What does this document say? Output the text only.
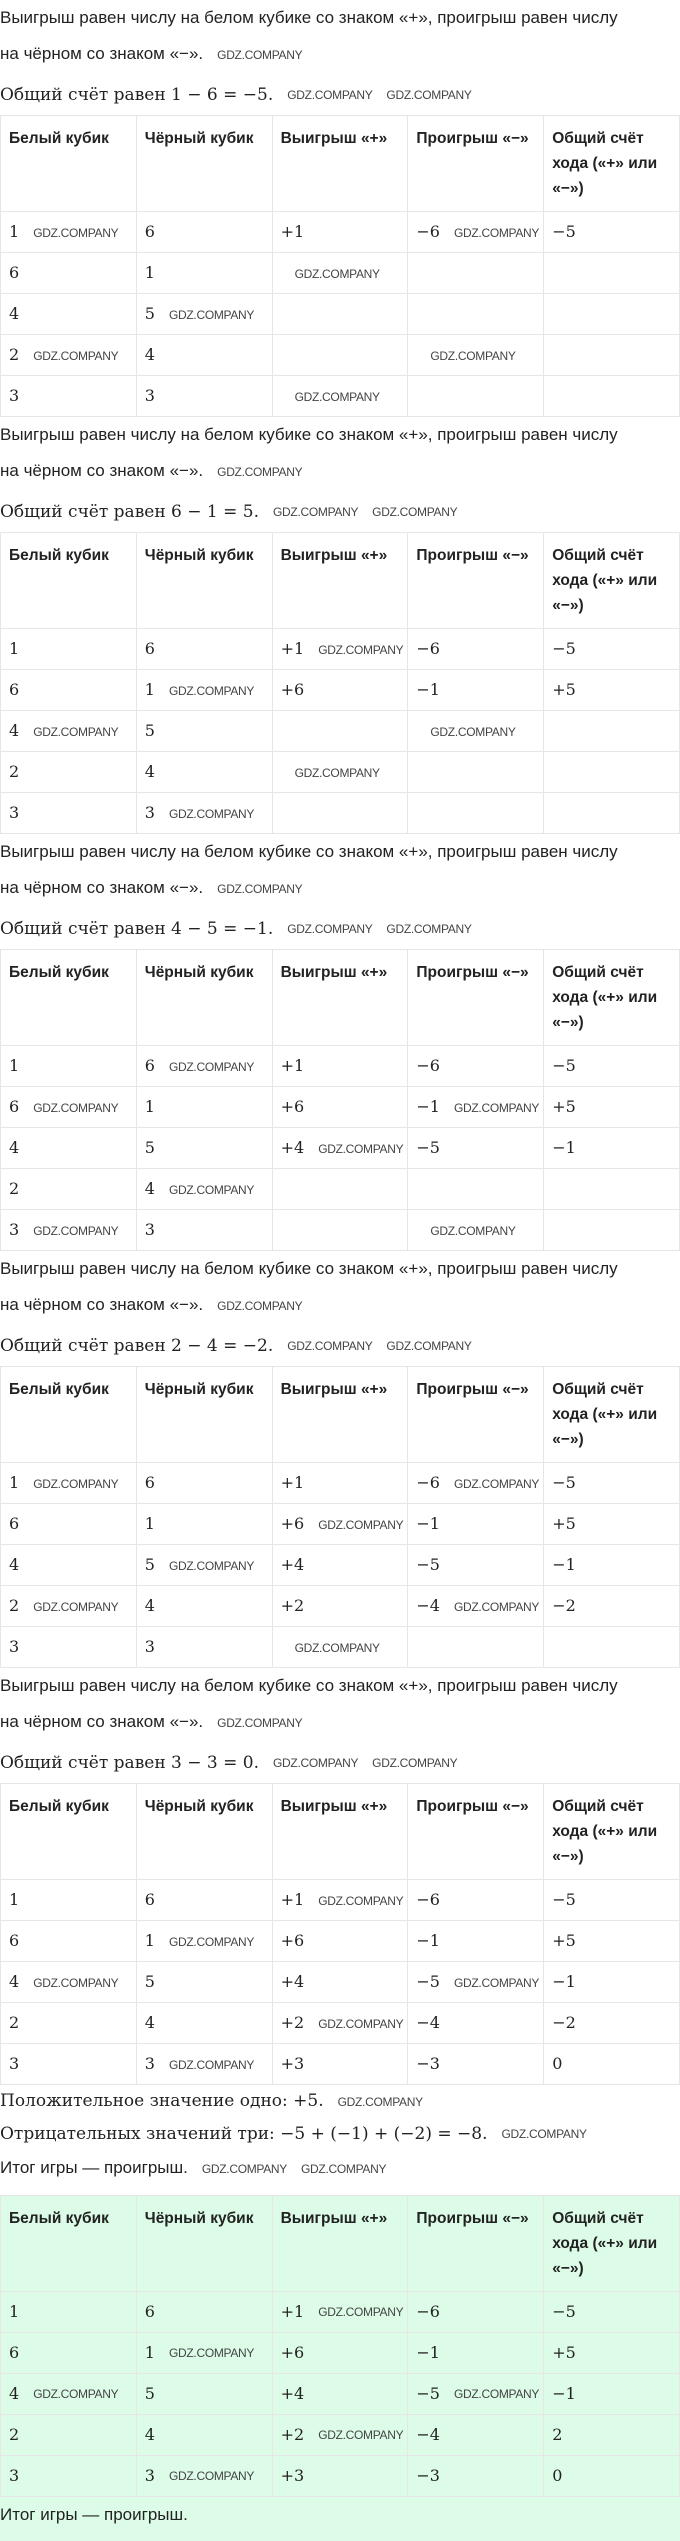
Выигрыш равен числу на белом кубике со знаком «+», проигрыш равен числу

на чёрном со знаком «−». GDZ.COMPANY

Общий счёт равен 1 − 6 = −5. GDZ.COMPANY GDZ.COMPANY

Белый кубик	Чёрный кубик	Выигрыш «+»	Проигрыш «−»	Общий счёт хода («+» или «−»)
1 GDZ.COMPANY	6	+1	−6 GDZ.COMPANY	−5
6	1	GDZ.COMPANY		
4	5 GDZ.COMPANY			
2 GDZ.COMPANY	4		GDZ.COMPANY	
3	3	GDZ.COMPANY		

Выигрыш равен числу на белом кубике со знаком «+», проигрыш равен числу

на чёрном со знаком «−». GDZ.COMPANY

Общий счёт равен 6 − 1 = 5. GDZ.COMPANY GDZ.COMPANY

Белый кубик	Чёрный кубик	Выигрыш «+»	Проигрыш «−»	Общий счёт хода («+» или «−»)
1	6	+1 GDZ.COMPANY	−6	−5
6	1 GDZ.COMPANY	+6	−1	+5
4 GDZ.COMPANY	5		GDZ.COMPANY	
2	4	GDZ.COMPANY		
3	3 GDZ.COMPANY			

Выигрыш равен числу на белом кубике со знаком «+», проигрыш равен числу

на чёрном со знаком «−». GDZ.COMPANY

Общий счёт равен 4 − 5 = −1. GDZ.COMPANY GDZ.COMPANY

Белый кубик	Чёрный кубик	Выигрыш «+»	Проигрыш «−»	Общий счёт хода («+» или «−»)
1	6 GDZ.COMPANY	+1	−6	−5
6 GDZ.COMPANY	1	+6	−1 GDZ.COMPANY	+5
4	5	+4 GDZ.COMPANY	−5	−1
2	4 GDZ.COMPANY			
3 GDZ.COMPANY	3		GDZ.COMPANY	

Выигрыш равен числу на белом кубике со знаком «+», проигрыш равен числу

на чёрном со знаком «−». GDZ.COMPANY

Общий счёт равен 2 − 4 = −2. GDZ.COMPANY GDZ.COMPANY

Белый кубик	Чёрный кубик	Выигрыш «+»	Проигрыш «−»	Общий счёт хода («+» или «−»)
1 GDZ.COMPANY	6	+1	−6 GDZ.COMPANY	−5
6	1	+6 GDZ.COMPANY	−1	+5
4	5 GDZ.COMPANY	+4	−5	−1
2 GDZ.COMPANY	4	+2	−4 GDZ.COMPANY	−2
3	3	GDZ.COMPANY		

Выигрыш равен числу на белом кубике со знаком «+», проигрыш равен числу

на чёрном со знаком «−». GDZ.COMPANY

Общий счёт равен 3 − 3 = 0. GDZ.COMPANY GDZ.COMPANY

Белый кубик	Чёрный кубик	Выигрыш «+»	Проигрыш «−»	Общий счёт хода («+» или «−»)
1	6	+1 GDZ.COMPANY	−6	−5
6	1 GDZ.COMPANY	+6	−1	+5
4 GDZ.COMPANY	5	+4	−5 GDZ.COMPANY	−1
2	4	+2 GDZ.COMPANY	−4	−2
3	3 GDZ.COMPANY	+3	−3	0

Положительное значение одно: +5. GDZ.COMPANY

Отрицательных значений три: −5 + (−1) + (−2) = −8. GDZ.COMPANY

Итог игры — проигрыш. GDZ.COMPANY GDZ.COMPANY

Белый кубик	Чёрный кубик	Выигрыш «+»	Проигрыш «−»	Общий счёт хода («+» или «−»)
1	6	+1 GDZ.COMPANY	−6	−5
6	1 GDZ.COMPANY	+6	−1	+5
4 GDZ.COMPANY	5	+4	−5 GDZ.COMPANY	−1
2	4	+2 GDZ.COMPANY	−4	2
3	3 GDZ.COMPANY	+3	−3	0

Итог игры — проигрыш.
